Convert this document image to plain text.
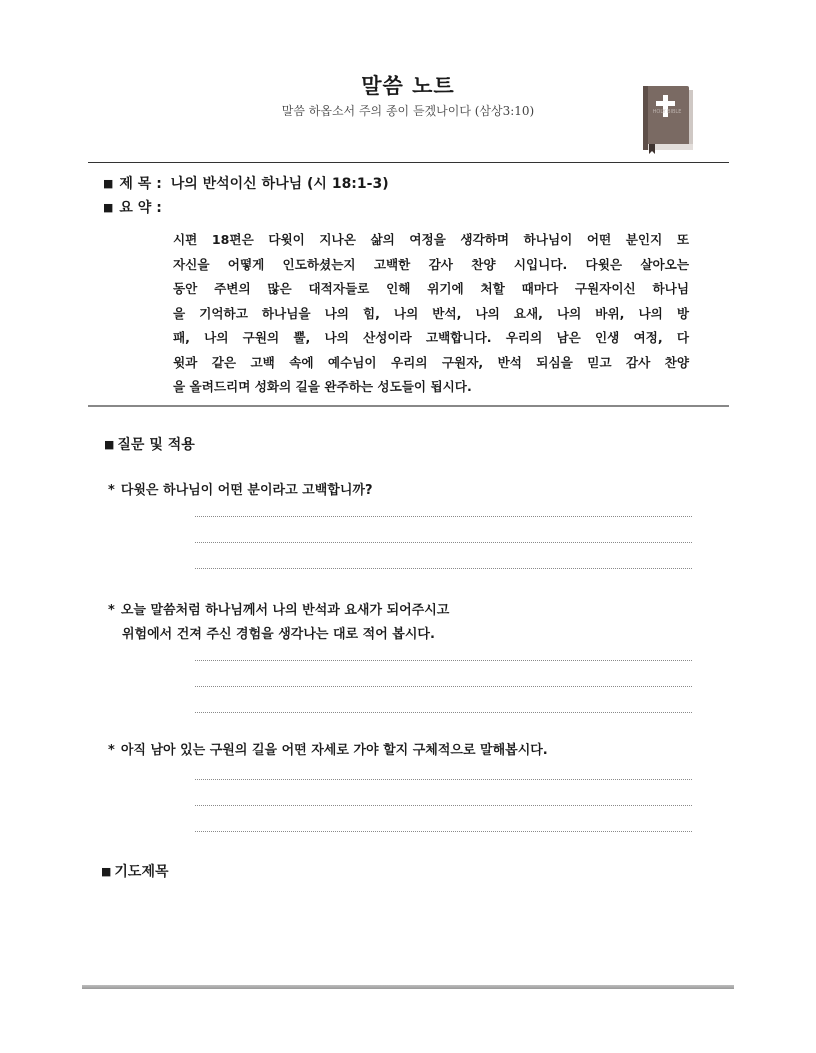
말씀 노트
말씀 하옵소서 주의 종이 듣겠나이다 (삼상3:10)	HOLY BIBLE
■ 제 목 : 나의 반석이신 하나님 (시 18:1-3)
■ 요 약 :
시편 18편은 다윗이 지나온 삶의 여정을 생각하며 하나님이 어떤 분인지 또
자신을 어떻게 인도하셨는지 고백한 감사 찬양 시입니다. 다윗은 살아오는
동안 주변의 많은 대적자들로 인해 위기에 처할 때마다 구원자이신 하나님
을 기억하고 하나님을 나의 힘, 나의 반석, 나의 요새, 나의 바위, 나의 방
패, 나의 구원의 뿔, 나의 산성이라 고백합니다. 우리의 남은 인생 여정, 다
윗과 같은 고백 속에 예수님이 우리의 구원자, 반석 되심을 믿고 감사 찬양
을 올려드리며 성화의 길을 완주하는 성도들이 됩시다.
■ 질문 및 적용
* 다윗은 하나님이 어떤 분이라고 고백합니까?
* 오늘 말씀처럼 하나님께서 나의 반석과 요새가 되어주시고
위험에서 건져 주신 경험을 생각나는 대로 적어 봅시다.
* 아직 남아 있는 구원의 길을 어떤 자세로 가야 할지 구체적으로 말해봅시다.
■ 기도제목
